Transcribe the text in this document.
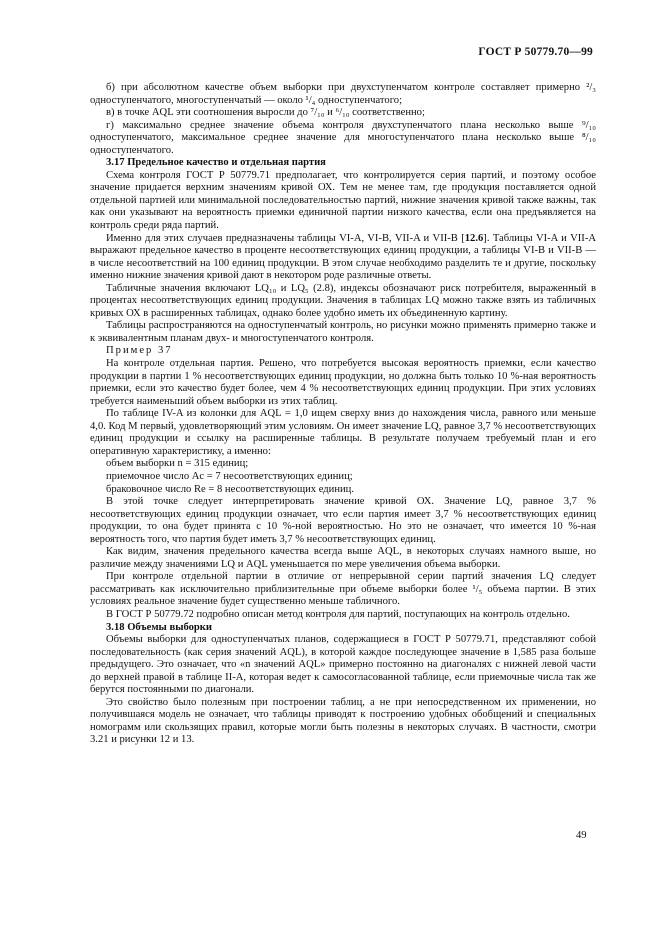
ГОСТ Р 50779.70—99

б) при абсолютном качестве объем выборки при двухступенчатом контроле составляет примерно ²/₃ одноступенчатого, многоступенчатый — около ¹/₄ одноступенчатого;

в) в точке AQL эти соотношения выросли до ⁷/₁₀ и ⁶/₁₀ соответственно;

г) максимально среднее значение объема контроля двухступенчатого плана несколько выше ⁹/₁₀ одноступенчатого, максимальное среднее значение для многоступенчатого плана несколько выше ⁸/₁₀ одноступенчатого.

3.17 Предельное качество и отдельная партия

Схема контроля ГОСТ Р 50779.71 предполагает, что контролируется серия партий, и поэтому особое значение придается верхним значениям кривой ОХ. Тем не менее там, где продукция поставляется одной отдельной партией или минимальной последовательностью партий, нижние значения кривой также важны, так как они указывают на вероятность приемки единичной партии низкого качества, если она предъявляется на контроль среди ряда партий.

Именно для этих случаев предназначены таблицы VI-A, VI-B, VII-A и VII-B [12.6]. Таблицы VI-A и VII-A выражают предельное качество в проценте несоответствующих единиц продукции, а таблицы VI-B и VII-B — в числе несоответствий на 100 единиц продукции. В этом случае необходимо разделить те и другие, поскольку именно нижние значения кривой дают в некотором роде различные ответы.

Табличные значения включают LQ₁₀ и LQ₅ (2.8), индексы обозначают риск потребителя, выраженный в процентах несоответствующих единиц продукции. Значения в таблицах LQ можно также взять из табличных кривых ОХ в расширенных таблицах, однако более удобно иметь их объединенную картину.

Таблицы распространяются на одноступенчатый контроль, но рисунки можно применять примерно также и к эквивалентным планам двух- и многоступенчатого контроля.

Пример 37

На контроле отдельная партия. Решено, что потребуется высокая вероятность приемки, если качество продукции в партии 1 % несоответствующих единиц продукции, но должна быть только 10 %-ная вероятность приемки, если это качество будет более, чем 4 % несоответствующих единиц продукции. При этих условиях требуется наименьший объем выборки из этих таблиц.

По таблице IV-A из колонки для AQL = 1,0 ищем сверху вниз до нахождения числа, равного или меньше 4,0. Код M первый, удовлетворяющий этим условиям. Он имеет значение LQ, равное 3,7 % несоответствующих единиц продукции и ссылку на расширенные таблицы. В результате получаем требуемый план и его оперативную характеристику, а именно:

объем выборки n = 315 единиц;

приемочное число Ac = 7 несоответствующих единиц;

браковочное число Re = 8 несоответствующих единиц.

В этой точке следует интерпретировать значение кривой ОХ. Значение LQ, равное 3,7 % несоответствующих единиц продукции означает, что если партия имеет 3,7 % несоответствующих единиц продукции, то она будет принята с 10 %-ной вероятностью. Но это не означает, что имеется 10 %-ная вероятность того, что партия будет иметь 3,7 % несоответствующих единиц.

Как видим, значения предельного качества всегда выше AQL, в некоторых случаях намного выше, но различие между значениями LQ и AQL уменьшается по мере увеличения объема выборки.

При контроле отдельной партии в отличие от непрерывной серии партий значения LQ следует рассматривать как исключительно приблизительные при объеме выборки более ¹/₅ объема партии. В этих условиях реальное значение будет существенно меньше табличного.

В ГОСТ Р 50779.72 подробно описан метод контроля для партий, поступающих на контроль отдельно.

3.18 Объемы выборки

Объемы выборки для одноступенчатых планов, содержащиеся в ГОСТ Р 50779.71, представляют собой последовательность (как серия значений AQL), в которой каждое последующее значение в 1,585 раза больше предыдущего. Это означает, что «n значений AQL» примерно постоянно на диагоналях с нижней левой части до верхней правой в таблице II-A, которая ведет к самосогласованной таблице, если приемочные числа так же берутся постоянными по диагонали.

Это свойство было полезным при построении таблиц, а не при непосредственном их применении, но получившаяся модель не означает, что таблицы приводят к построению удобных обобщений и специальных номограмм или скользящих правил, которые могли быть полезны в некоторых случаях. В частности, смотри 3.21 и рисунки 12 и 13.

49
